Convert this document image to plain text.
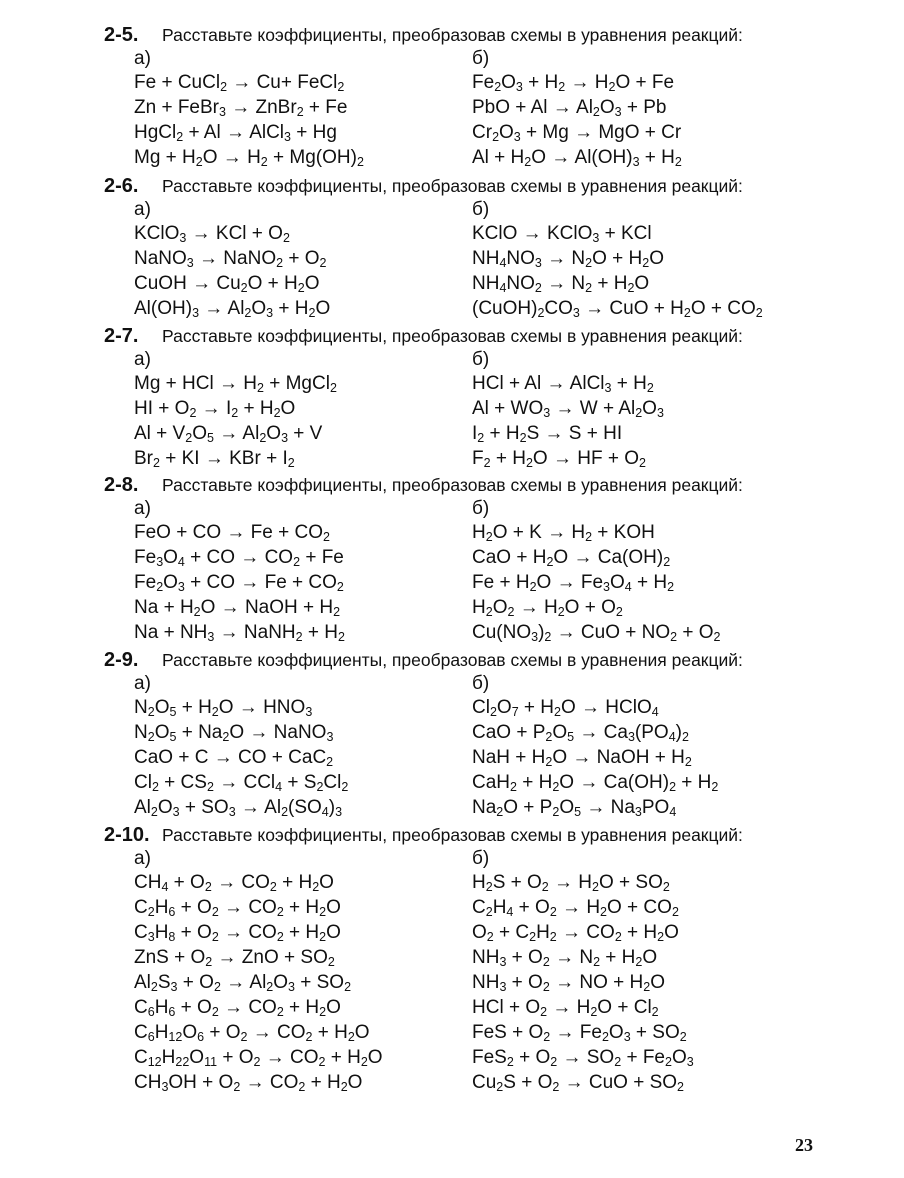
2-5. Расставьте коэффициенты, преобразовав схемы в уравнения реакций:
а)
Fe + CuCl$_2$ → Cu+ FeCl$_2$
Zn + FeBr$_3$ → ZnBr$_2$ + Fe
HgCl$_2$ + Al → AlCl$_3$ + Hg
$Mg + H_2O \to H_2 + Mg(OH)_2$
б)
$Fe_2O_3 + H_2 \to H_2O + Fe$
PbO + $Al \to Al_2O_3 + Pb$
$Cr_2O_3 + Mg$ → MgO + Cr
$Al + H_2O \to Al(OH)_3 + H_2$
2-6. Расставьте коэффициенты, преобразовав схемы в уравнения реакций:
а)
KClO$_3$ → KCl + $O_2$
NaNO$_3$ → NaNO$_2$ + $O_2$
CuOH → $Cu_2O + H_2O$
$Al(OH)_3 \to Al_2O_3 + H_2O$
б)
KClO → KClO$_3$ + KCl
$NH_4NO_3 \to N_2O + H_2O$
$NH_4NO_2 \to N_2 + H_2O$
$(CuOH)_2CO_3$ → CuO + $H_2O + CO_2$
2-7. Расставьте коэффициенты, преобразовав схемы в уравнения реакций:
а)
Mg + HCl → $H_2$ + MgCl$_2$
HI + $O_2 \to I_2 + H_2O$
$Al + V_2O_5 \to Al_2O_3 + V$
$Br_2$ + KI → KBr + $I_2$
б)
HCl + Al → AlCl$_3$ + $H_2$
$Al + WO_3 \to W + Al_2O_3$
$I_2 + H_2S \to S$ + HI
$F_2 + H_2O$ → HF + $O_2$
2-8. Расставьте коэффициенты, преобразовав схемы в уравнения реакций:
а)
FeO + CO → $Fe + CO_2$
$Fe_3O_4$ + CO → $CO_2 + Fe$
$Fe_2O_3$ + CO → $Fe + CO_2$
$Na + H_2O$ → NaOH + $H_2$
$Na + NH_3$ → NaNH$_2$ + $H_2$
б)
$H_2O + K \to H_2$ + KOH
CaO + $H_2O \to Ca(OH)_2$
$Fe + H_2O \to Fe_3O_4 + H_2$
$H_2O_2 \to H_2O + O_2$
$Cu(NO_3)_2$ → CuO + $NO_2 + O_2$
2-9. Расставьте коэффициенты, преобразовав схемы в уравнения реакций:
а)
$N_2O_5 + H_2O \to HNO_3$
$N_2O_5 + Na_2O$ → NaNO$_3$
CaO + C → CO + CaC$_2$
$Cl_2 + CS_2 \to CCl_4 + S_2Cl_2$
$Al_2O_3 + SO_3 \to Al_2(SO_4)_3$
б)
$Cl_2O_7 + H_2O$ → HClO$_4$
CaO + $P_2O_5 \to Ca_3(PO_4)_2$
NaH + $H_2O$ → NaOH + $H_2$
$CaH_2 + H_2O \to Ca(OH)_2 + H_2$
$Na_2O + P_2O_5 \to Na_3PO_4$
2-10. Расставьте коэффициенты, преобразовав схемы в уравнения реакций:
а)
$CH_4 + O_2 \to CO_2 + H_2O$
$C_2H_6 + O_2 \to CO_2 + H_2O$
$C_3H_8 + O_2 \to CO_2 + H_2O$
ZnS + $O_2$ → ZnO + $SO_2$
$Al_2S_3 + O_2 \to Al_2O_3 + SO_2$
$C_6H_6 + O_2 \to CO_2 + H_2O$
$C_6H_{12}O_6 + O_2 \to CO_2 + H_2O$
$C_{12}H_{22}O_{11} + O_2 \to CO_2 + H_2O$
$CH_3OH + O_2 \to CO_2 + H_2O$
б)
$H_2S + O_2 \to H_2O + SO_2$
$C_2H_4 + O_2 \to H_2O + CO_2$
$O_2 + C_2H_2 \to CO_2 + H_2O$
$NH_3 + O_2 \to N_2 + H_2O$
$NH_3 + O_2$ → NO + $H_2O$
HCl + $O_2 \to H_2O + Cl_2$
FeS + $O_2 \to Fe_2O_3 + SO_2$
$FeS_2 + O_2 \to SO_2 + Fe_2O_3$
$Cu_2S + O_2$ → CuO + $SO_2$
23
